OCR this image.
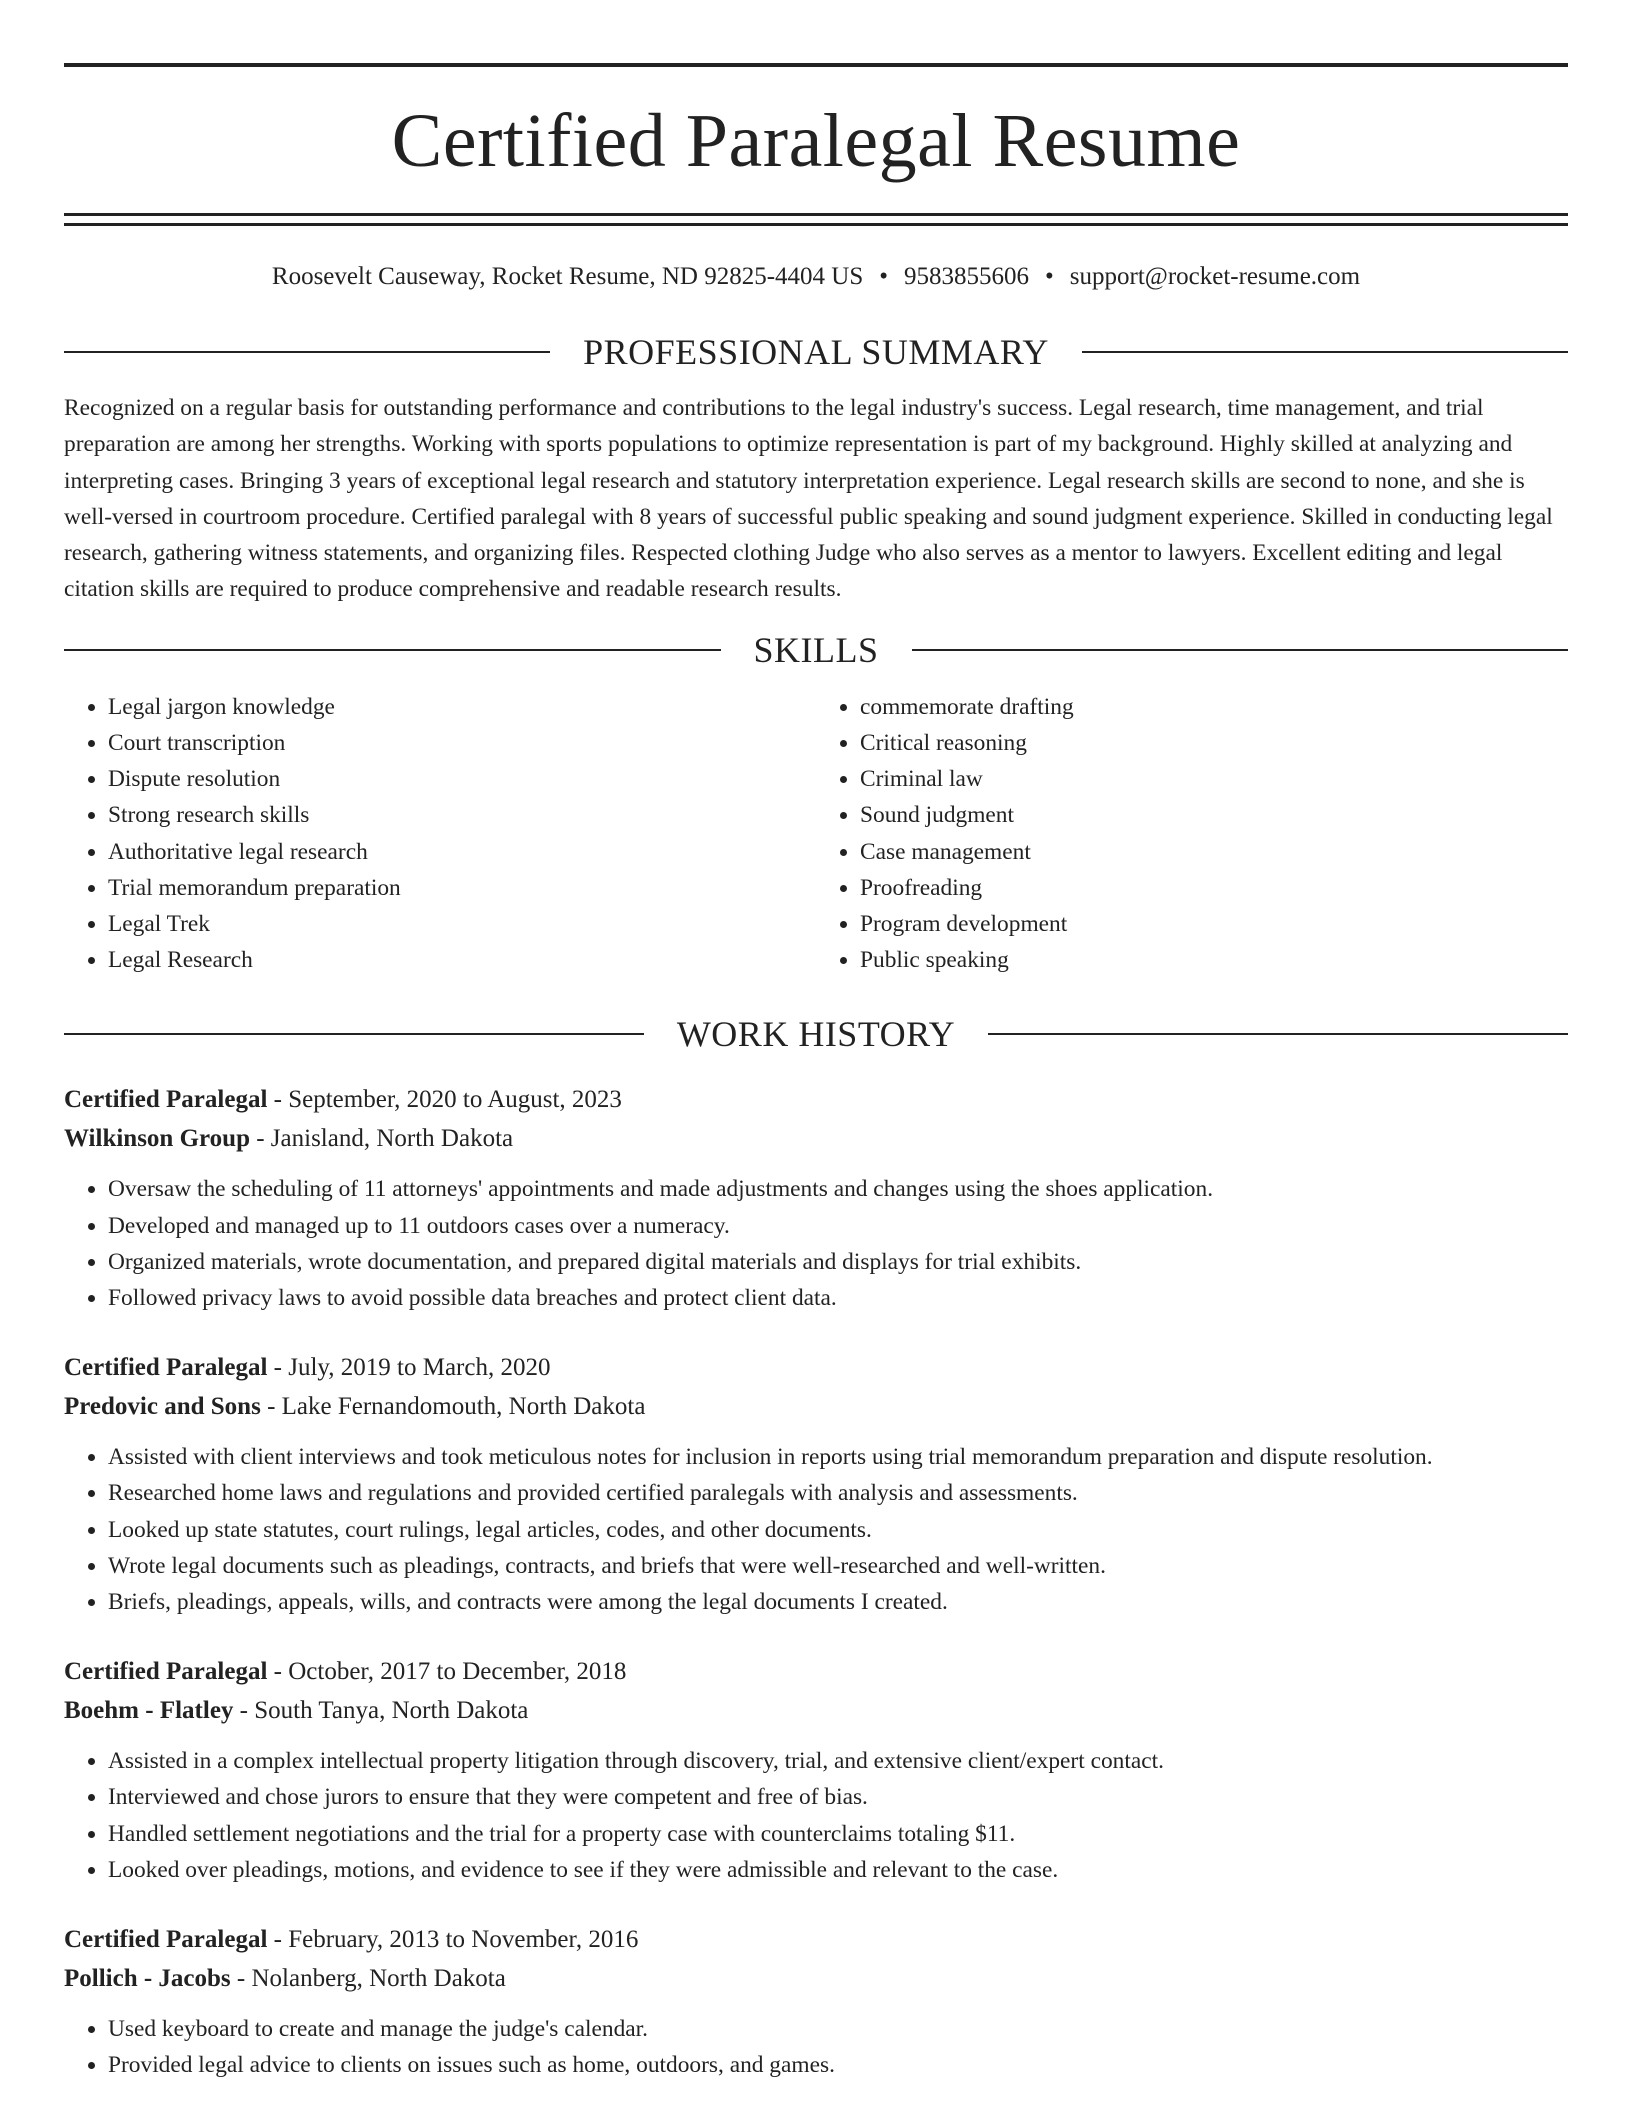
Certified Paralegal Resume
Roosevelt Causeway, Rocket Resume, ND 92825-4404 US • 9583855606 • support@rocket-resume.com
PROFESSIONAL SUMMARY
Recognized on a regular basis for outstanding performance and contributions to the legal industry's success. Legal research, time management, and trial preparation are among her strengths. Working with sports populations to optimize representation is part of my background. Highly skilled at analyzing and interpreting cases. Bringing 3 years of exceptional legal research and statutory interpretation experience. Legal research skills are second to none, and she is well-versed in courtroom procedure. Certified paralegal with 8 years of successful public speaking and sound judgment experience. Skilled in conducting legal research, gathering witness statements, and organizing files. Respected clothing Judge who also serves as a mentor to lawyers. Excellent editing and legal citation skills are required to produce comprehensive and readable research results.
SKILLS
• Legal jargon knowledge
• Court transcription
• Dispute resolution
• Strong research skills
• Authoritative legal research
• Trial memorandum preparation
• Legal Trek
• Legal Research
• commemorate drafting
• Critical reasoning
• Criminal law
• Sound judgment
• Case management
• Proofreading
• Program development
• Public speaking
WORK HISTORY
Certified Paralegal - September, 2020 to August, 2023
Wilkinson Group - Janisland, North Dakota
• Oversaw the scheduling of 11 attorneys' appointments and made adjustments and changes using the shoes application.
• Developed and managed up to 11 outdoors cases over a numeracy.
• Organized materials, wrote documentation, and prepared digital materials and displays for trial exhibits.
• Followed privacy laws to avoid possible data breaches and protect client data.
Certified Paralegal - July, 2019 to March, 2020
Predovic and Sons - Lake Fernandomouth, North Dakota
• Assisted with client interviews and took meticulous notes for inclusion in reports using trial memorandum preparation and dispute resolution.
• Researched home laws and regulations and provided certified paralegals with analysis and assessments.
• Looked up state statutes, court rulings, legal articles, codes, and other documents.
• Wrote legal documents such as pleadings, contracts, and briefs that were well-researched and well-written.
• Briefs, pleadings, appeals, wills, and contracts were among the legal documents I created.
Certified Paralegal - October, 2017 to December, 2018
Boehm - Flatley - South Tanya, North Dakota
• Assisted in a complex intellectual property litigation through discovery, trial, and extensive client/expert contact.
• Interviewed and chose jurors to ensure that they were competent and free of bias.
• Handled settlement negotiations and the trial for a property case with counterclaims totaling $11.
• Looked over pleadings, motions, and evidence to see if they were admissible and relevant to the case.
Certified Paralegal - February, 2013 to November, 2016
Pollich - Jacobs - Nolanberg, North Dakota
• Used keyboard to create and manage the judge's calendar.
• Provided legal advice to clients on issues such as home, outdoors, and games.
